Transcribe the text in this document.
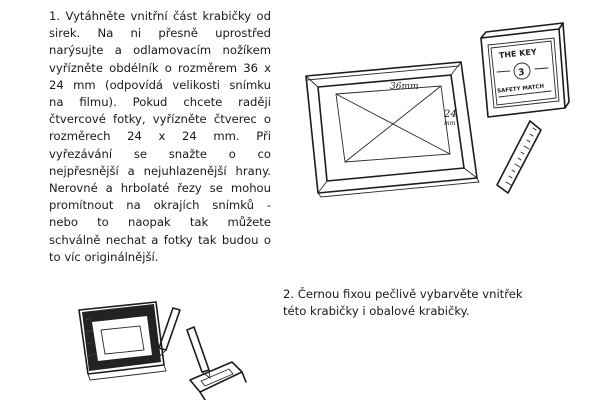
1. Vytáhněte vnitřní část krabičky od
sirek. Na ni přesně uprostřed
narýsujte a odlamovacím nožíkem
vyřízněte obdélník o rozměrem 36 x
24 mm (odpovídá velikosti snímku
na filmu). Pokud chcete raději
čtvercové fotky, vyřízněte čtverec o
rozměrech 24 x 24 mm. Při
vyřezávání se snažte o co
nejpřesnější a nejuhlazenější hrany.
Nerovné a hrbolaté řezy se mohou
promítnout na okrajích snímků -
nebo to naopak tak můžete
schválně nechat a fotky tak budou o
to víc originálnější.

2. Černou fixou pečlivě vybarvěte vnitřek
této krabičky i obalové krabičky.

36mm
24
mm
THE KEY
3
SAFETY MATCH
